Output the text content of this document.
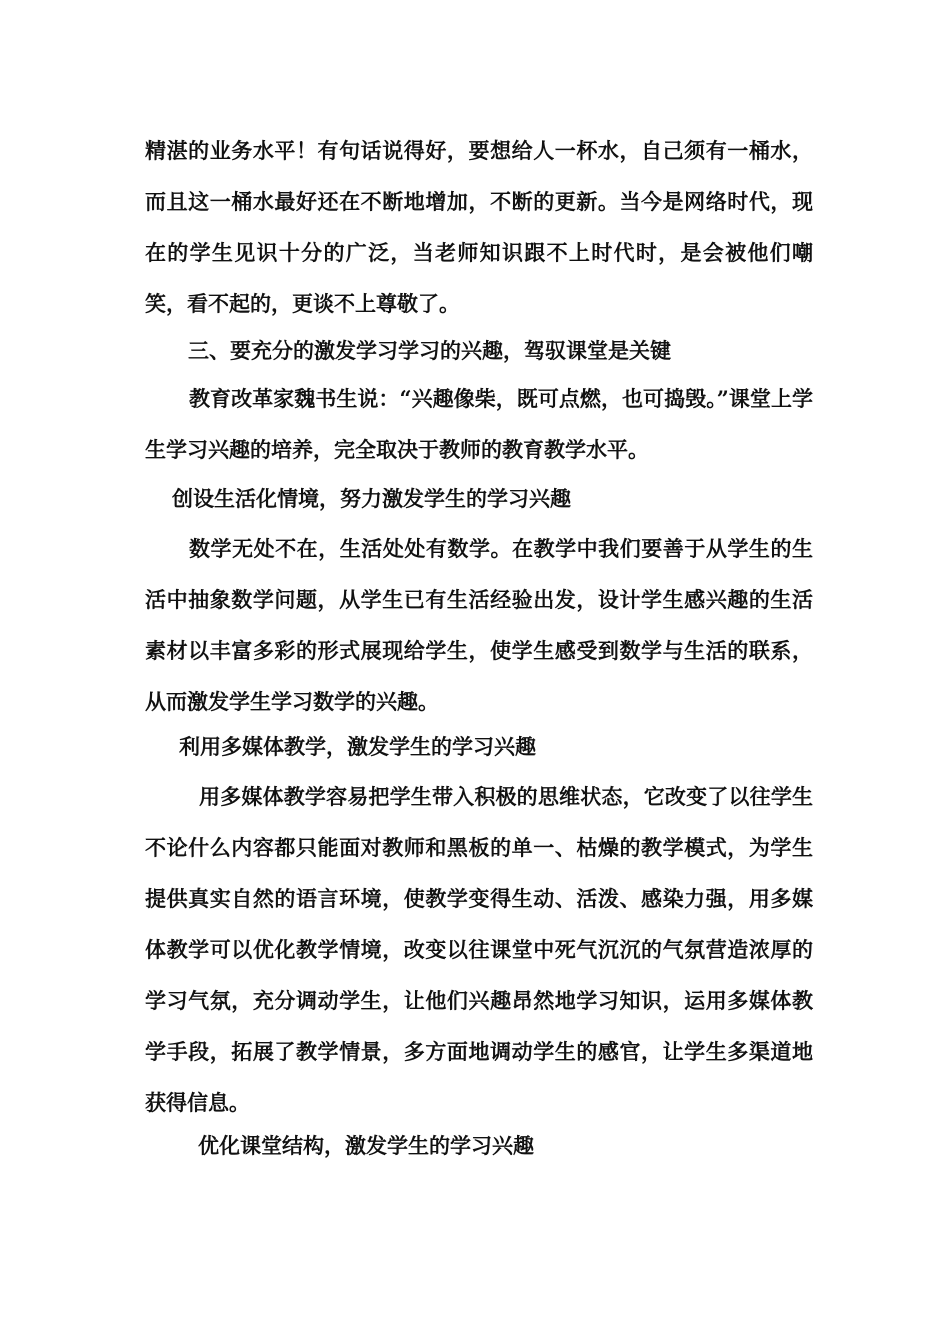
精湛的业务水平！有句话说得好，要想给人一杯水，自己须有一桶水，而且这一桶水最好还在不断地增加，不断的更新。当今是网络时代，现在的学生见识十分的广泛，当老师知识跟不上时代时，是会被他们嘲笑，看不起的，更谈不上尊敬了。
三、要充分的激发学习学习的兴趣，驾驭课堂是关键
教育改革家魏书生说：“兴趣像柴，既可点燃，也可捣毁。”课堂上学生学习兴趣的培养，完全取决于教师的教育教学水平。
创设生活化情境，努力激发学生的学习兴趣
数学无处不在，生活处处有数学。在教学中我们要善于从学生的生活中抽象数学问题，从学生已有生活经验出发，设计学生感兴趣的生活素材以丰富多彩的形式展现给学生，使学生感受到数学与生活的联系，从而激发学生学习数学的兴趣。
利用多媒体教学，激发学生的学习兴趣
用多媒体教学容易把学生带入积极的思维状态，它改变了以往学生不论什么内容都只能面对教师和黑板的单一、枯燥的教学模式，为学生提供真实自然的语言环境，使教学变得生动、活泼、感染力强，用多媒体教学可以优化教学情境，改变以往课堂中死气沉沉的气氛营造浓厚的学习气氛，充分调动学生，让他们兴趣昂然地学习知识，运用多媒体教学手段，拓展了教学情景，多方面地调动学生的感官，让学生多渠道地获得信息。
优化课堂结构，激发学生的学习兴趣
